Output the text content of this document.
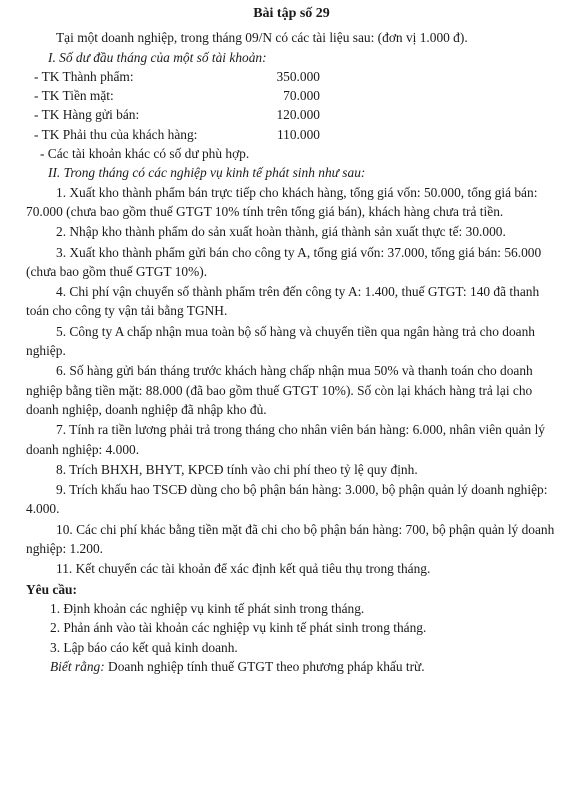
Bài tập số 29

Tại một doanh nghiệp, trong tháng 09/N có các tài liệu sau: (đơn vị 1.000 đ).

I. Số dư đầu tháng của một số tài khoản:

- TK Thành phẩm:	350.000
- TK Tiền mặt:	70.000
- TK Hàng gửi bán:	120.000
- TK Phải thu của khách hàng:	110.000

- Các tài khoản khác có số dư phù hợp.

II. Trong tháng có các nghiệp vụ kinh tế phát sinh như sau:

1. Xuất kho thành phẩm bán trực tiếp cho khách hàng, tổng giá vốn: 50.000, tổng giá bán: 70.000 (chưa bao gồm thuế GTGT 10% tính trên tổng giá bán), khách hàng chưa trả tiền.

2. Nhập kho thành phẩm do sản xuất hoàn thành, giá thành sản xuất thực tế: 30.000.

3. Xuất kho thành phẩm gửi bán cho công ty A, tổng giá vốn: 37.000, tổng giá bán: 56.000 (chưa bao gồm thuế GTGT 10%).

4. Chi phí vận chuyển số thành phẩm trên đến công ty A: 1.400, thuế GTGT: 140 đã thanh toán cho công ty vận tải bằng TGNH.

5. Công ty A chấp nhận mua toàn bộ số hàng và chuyển tiền qua ngân hàng trả cho doanh nghiệp.

6. Số hàng gửi bán tháng trước khách hàng chấp nhận mua 50% và thanh toán cho doanh nghiệp bằng tiền mặt: 88.000 (đã bao gồm thuế GTGT 10%). Số còn lại khách hàng trả lại cho doanh nghiệp, doanh nghiệp đã nhập kho đủ.

7. Tính ra tiền lương phải trả trong tháng cho nhân viên bán hàng: 6.000, nhân viên quản lý doanh nghiệp: 4.000.

8. Trích BHXH, BHYT, KPCĐ tính vào chi phí theo tỷ lệ quy định.

9. Trích khấu hao TSCĐ dùng cho bộ phận bán hàng: 3.000, bộ phận quản lý doanh nghiệp: 4.000.

10. Các chi phí khác bằng tiền mặt đã chi cho bộ phận bán hàng: 700, bộ phận quản lý doanh nghiệp: 1.200.

11. Kết chuyển các tài khoản để xác định kết quả tiêu thụ trong tháng.

Yêu cầu:

1. Định khoản các nghiệp vụ kinh tế phát sinh trong tháng.

2. Phản ánh vào tài khoản các nghiệp vụ kinh tế phát sinh trong tháng.

3. Lập báo cáo kết quả kinh doanh.

Biết rằng: Doanh nghiệp tính thuế GTGT theo phương pháp khấu trừ.
